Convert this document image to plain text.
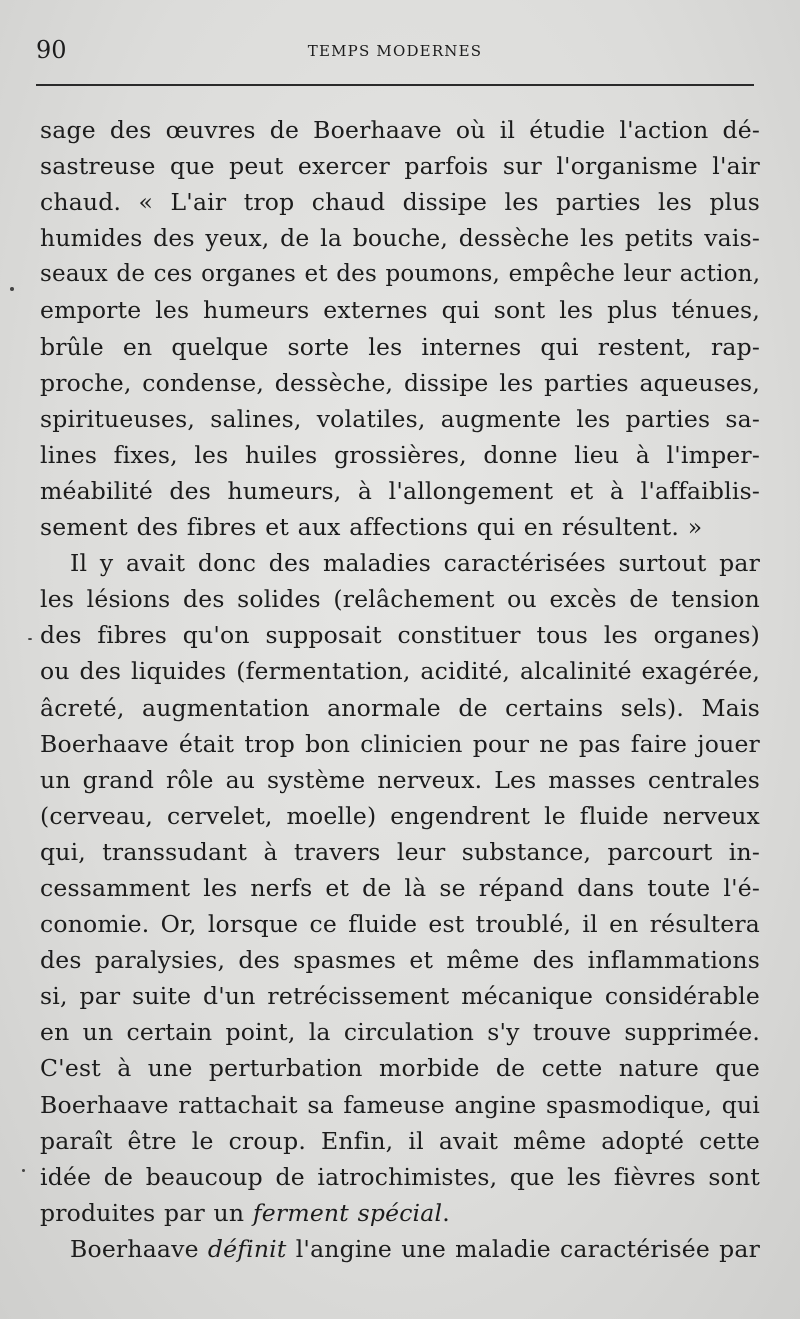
90	TEMPS MODERNES
sage des œuvres de Boerhaave où il étudie l'action dé-
sastreuse que peut exercer parfois sur l'organisme l'air
chaud. « L'air trop chaud dissipe les parties les plus
humides des yeux, de la bouche, dessèche les petits vais-
seaux de ces organes et des poumons, empêche leur action,
emporte les humeurs externes qui sont les plus ténues,
brûle en quelque sorte les internes qui restent, rap-
proche, condense, dessèche, dissipe les parties aqueuses,
spiritueuses, salines, volatiles, augmente les parties sa-
lines fixes, les huiles grossières, donne lieu à l'imper-
méabilité des humeurs, à l'allongement et à l'affaiblis-
sement des fibres et aux affections qui en résultent. »
Il y avait donc des maladies caractérisées surtout par
les lésions des solides (relâchement ou excès de tension
des fibres qu'on supposait constituer tous les organes)
ou des liquides (fermentation, acidité, alcalinité exagérée,
âcreté, augmentation anormale de certains sels). Mais
Boerhaave était trop bon clinicien pour ne pas faire jouer
un grand rôle au système nerveux. Les masses centrales
(cerveau, cervelet, moelle) engendrent le fluide nerveux
qui, transsudant à travers leur substance, parcourt in-
cessamment les nerfs et de là se répand dans toute l'é-
conomie. Or, lorsque ce fluide est troublé, il en résultera
des paralysies, des spasmes et même des inflammations
si, par suite d'un retrécissement mécanique considérable
en un certain point, la circulation s'y trouve supprimée.
C'est à une perturbation morbide de cette nature que
Boerhaave rattachait sa fameuse angine spasmodique, qui
paraît être le croup. Enfin, il avait même adopté cette
idée de beaucoup de iatrochimistes, que les fièvres sont
produites par un ferment spécial.
Boerhaave définit l'angine une maladie caractérisée par
